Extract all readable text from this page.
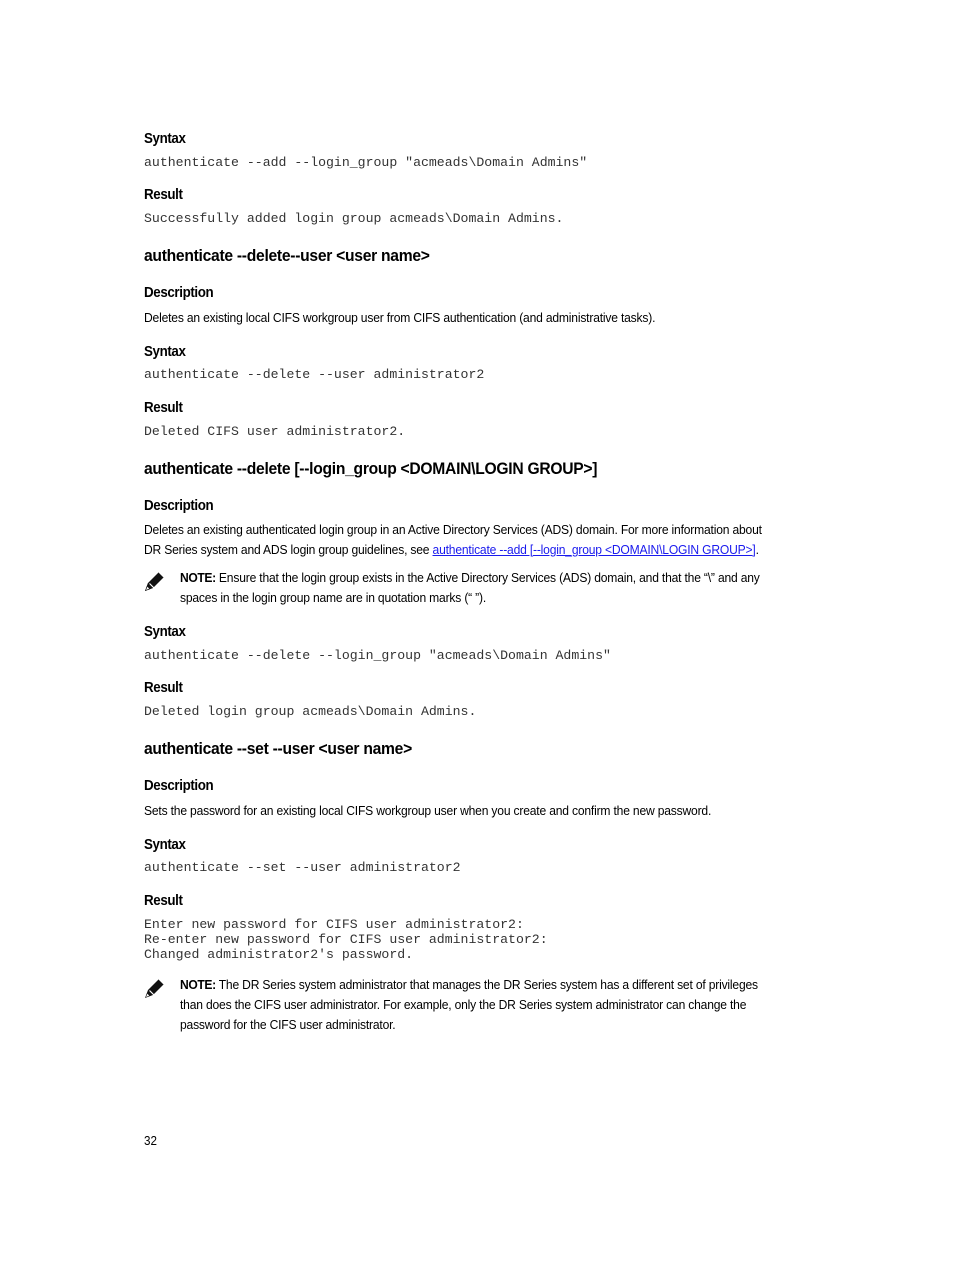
Syntax
authenticate --add --login_group "acmeads\Domain Admins"
Result
Successfully added login group acmeads\Domain Admins.
authenticate --delete--user <user name>
Description
Deletes an existing local CIFS workgroup user from CIFS authentication (and administrative tasks).
Syntax
authenticate --delete --user administrator2
Result
Deleted CIFS user administrator2.
authenticate --delete [--login_group <DOMAIN\LOGIN GROUP>]
Description
Deletes an existing authenticated login group in an Active Directory Services (ADS) domain. For more information about
DR Series system and ADS login group guidelines, see authenticate --add [--login_group <DOMAIN\LOGIN GROUP>].
NOTE: Ensure that the login group exists in the Active Directory Services (ADS) domain, and that the “\” and any
spaces in the login group name are in quotation marks (“ ”).
Syntax
authenticate --delete --login_group "acmeads\Domain Admins"
Result
Deleted login group acmeads\Domain Admins.
authenticate --set --user <user name>
Description
Sets the password for an existing local CIFS workgroup user when you create and confirm the new password.
Syntax
authenticate --set --user administrator2
Result
Enter new password for CIFS user administrator2:
Re-enter new password for CIFS user administrator2:
Changed administrator2's password.
NOTE: The DR Series system administrator that manages the DR Series system has a different set of privileges
than does the CIFS user administrator. For example, only the DR Series system administrator can change the
password for the CIFS user administrator.
32
